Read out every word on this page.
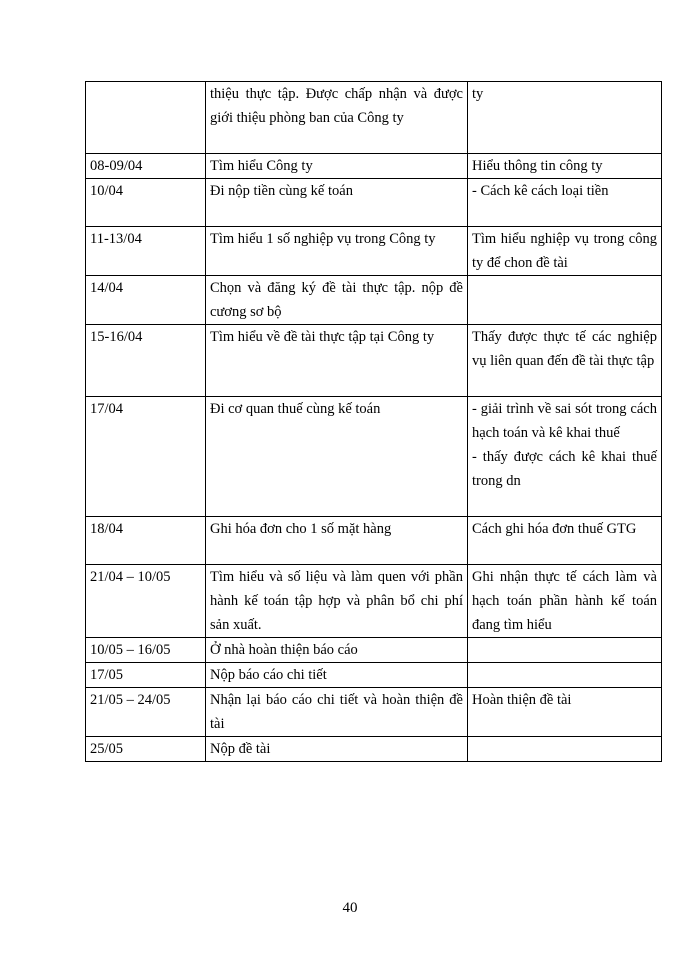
	thiệu thực tập. Được chấp nhận và được giới thiệu phòng ban của Công ty	ty

08-09/04	Tìm hiểu Công ty	Hiểu thông tin công ty

10/04	Đi nộp tiền cùng kế toán	- Cách kê cách loại tiền

11-13/04	Tìm hiểu 1 số nghiệp vụ trong Công ty	Tìm hiểu nghiệp vụ trong công ty để chon đề tài

14/04	Chọn và đăng ký đề tài thực tập. nộp đề cương sơ bộ	

15-16/04	Tìm hiểu về đề tài thực tập tại Công ty	Thấy được thực tế các nghiệp vụ liên quan đến đề tài thực tập

17/04	Đi cơ quan thuế cùng kế toán	- giải trình về sai sót trong cách hạch toán và kê khai thuế
- thấy được cách kê khai thuế trong dn

18/04	Ghi hóa đơn cho 1 số mặt hàng	Cách ghi hóa đơn thuế GTG

21/04 – 10/05	Tìm hiểu và số liệu và làm quen với phần hành kế toán tập hợp và phân bổ chi phí sản xuất.	Ghi nhận thực tế cách làm và hạch toán phần hành kế toán đang tìm hiểu

10/05 – 16/05	Ở nhà hoàn thiện báo cáo	

17/05	Nộp báo cáo chi tiết	

21/05 – 24/05	Nhận lại báo cáo chi tiết và hoàn thiện đề tài	Hoàn thiện đề tài

25/05	Nộp đề tài	
40
